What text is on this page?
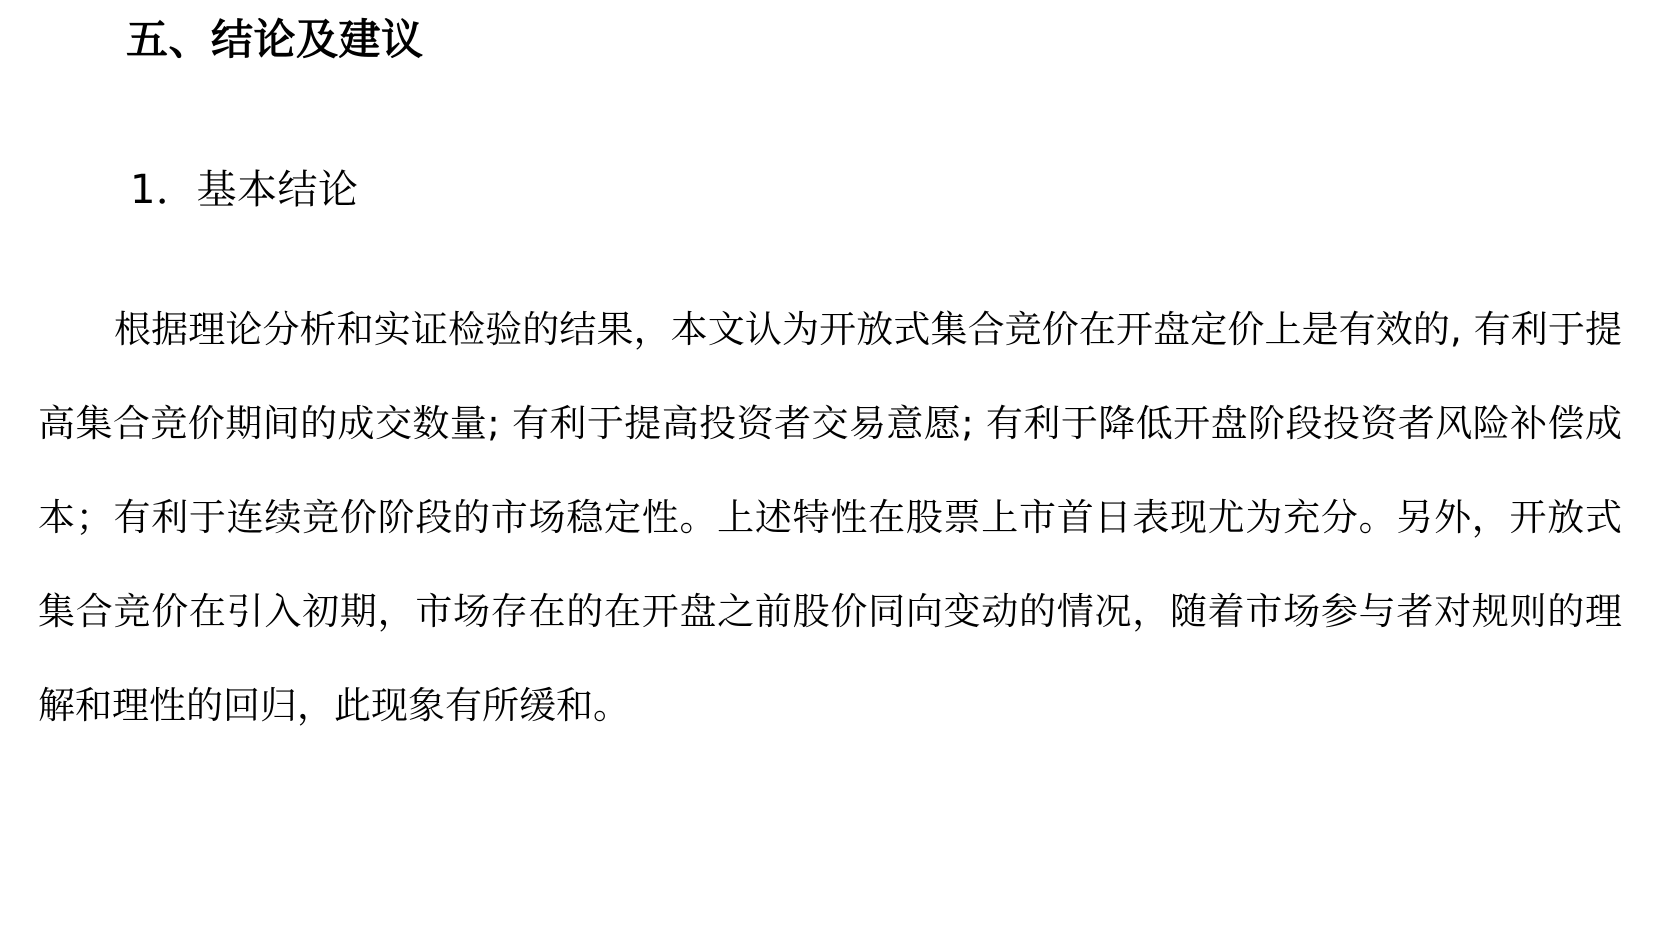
五、结论及建议
1．基本结论

根据理论分析和实证检验的结果，本文认为开放式集合竞价在开盘定价上是有效的, 有利于提高集合竞价期间的成交数量; 有利于提高投资者交易意愿; 有利于降低开盘阶段投资者风险补偿成本；有利于连续竞价阶段的市场稳定性。上述特性在股票上市首日表现尤为充分。另外，开放式集合竞价在引入初期，市场存在的在开盘之前股价同向变动的情况，随着市场参与者对规则的理解和理性的回归，此现象有所缓和。
